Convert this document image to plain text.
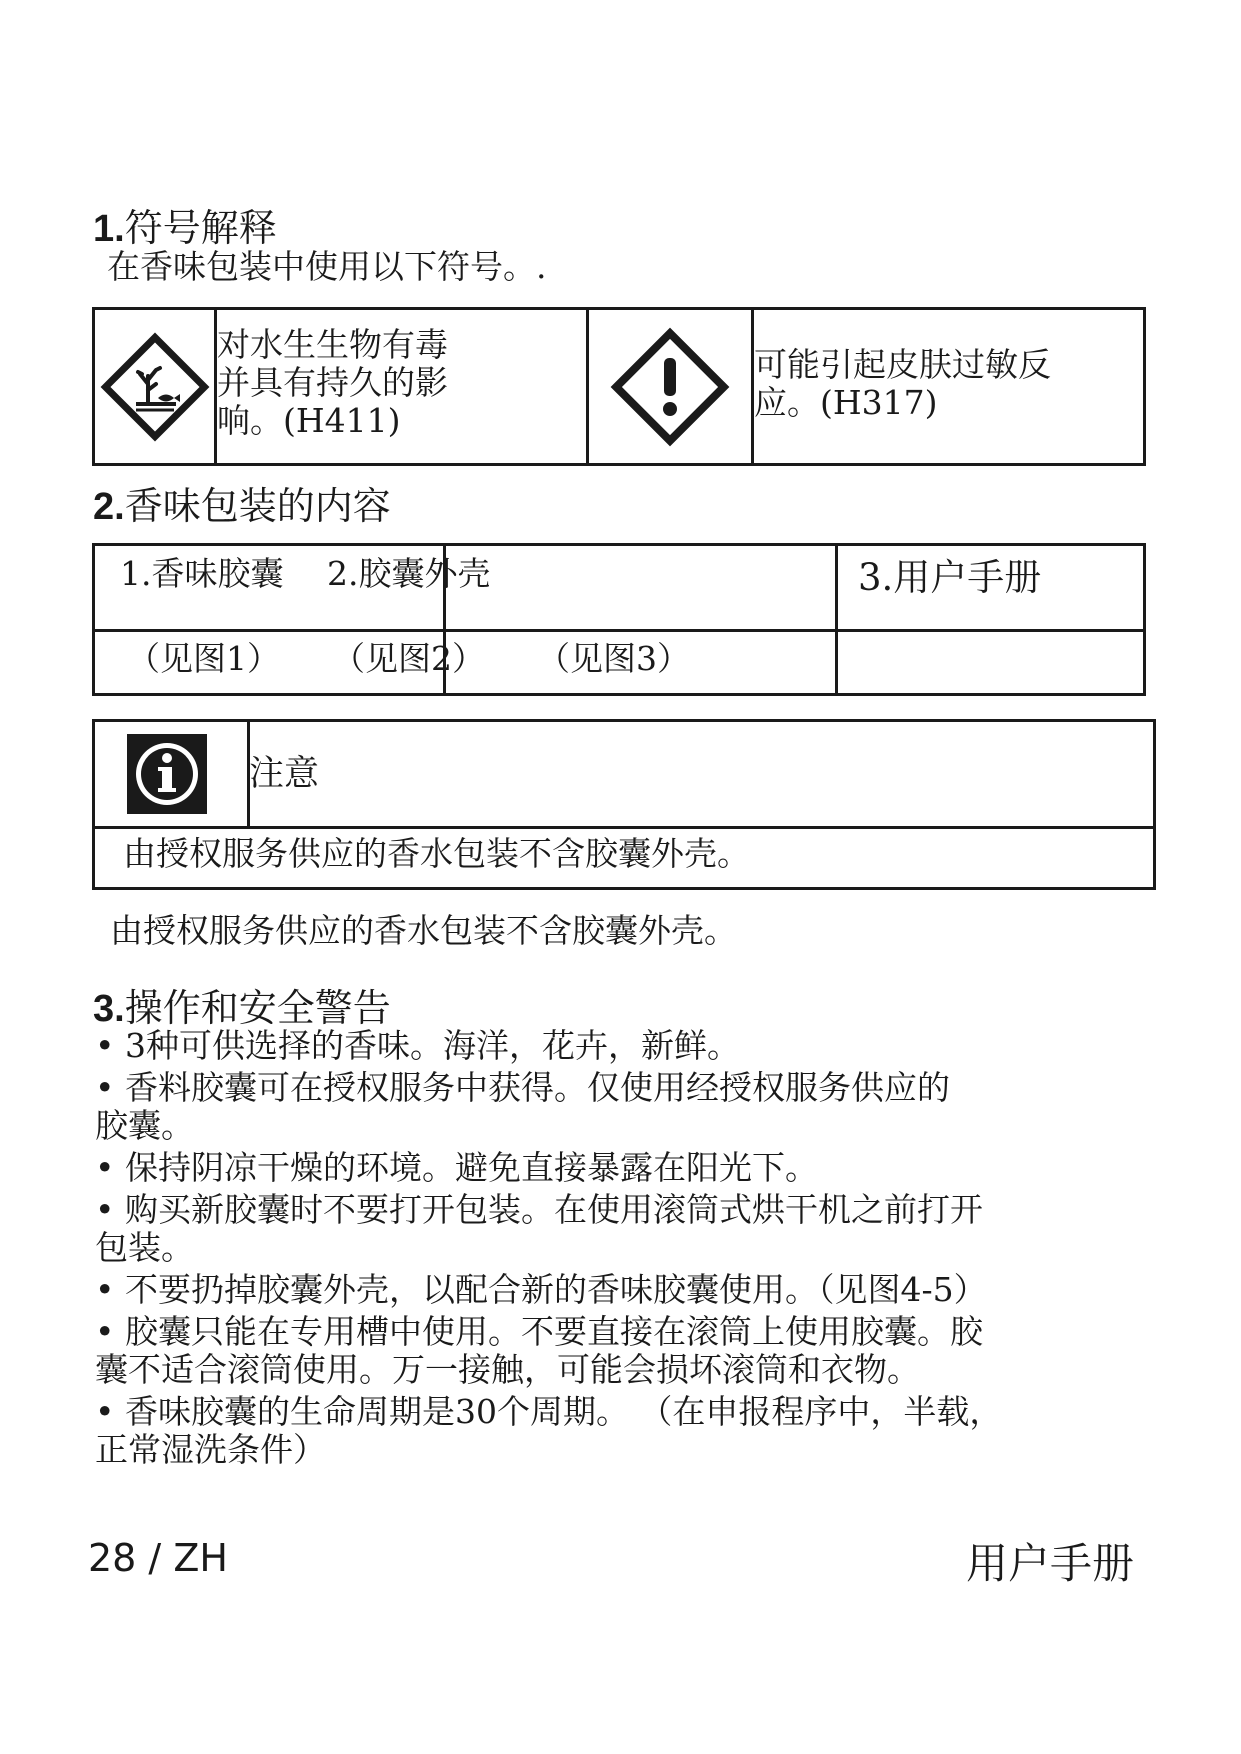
1.符号解释
在香味包装中使用以下符号。.
对水生生物有毒
并具有持久的影
响。(H411)
可能引起皮肤过敏反
应。(H317)
2.香味包装的内容
1.香味胶囊 2.胶囊外壳	3.用户手册
（见图1） （见图2） （见图3）
注意
由授权服务供应的香水包装不含胶囊外壳。
由授权服务供应的香水包装不含胶囊外壳。
3.操作和安全警告
• 3种可供选择的香味。海洋，花卉，新鲜。
• 香料胶囊可在授权服务中获得。仅使用经授权服务供应的
胶囊。
• 保持阴凉干燥的环境。避免直接暴露在阳光下。
• 购买新胶囊时不要打开包装。在使用滚筒式烘干机之前打开
包装。
• 不要扔掉胶囊外壳，以配合新的香味胶囊使用。（见图4-5）
• 胶囊只能在专用槽中使用。不要直接在滚筒上使用胶囊。胶
囊不适合滚筒使用。万一接触，可能会损坏滚筒和衣物。
• 香味胶囊的生命周期是30个周期。 （在申报程序中，半载，
正常湿洗条件）
28 / ZH	用户手册
